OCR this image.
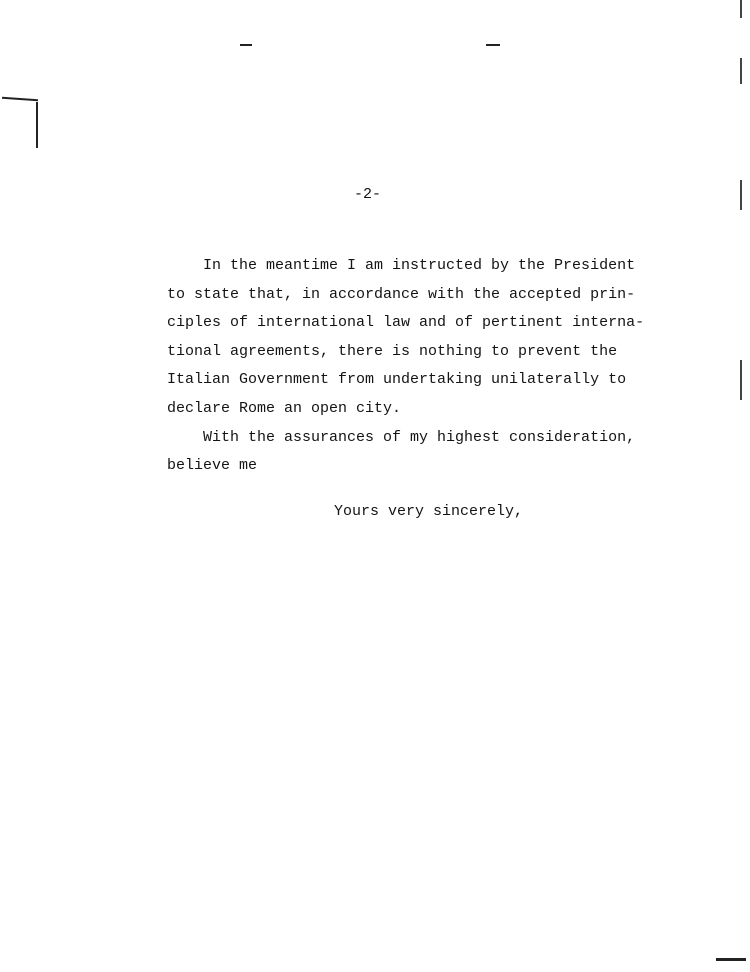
-2-
In the meantime I am instructed by the President
to state that, in accordance with the accepted prin-
ciples of international law and of pertinent interna-
tional agreements, there is nothing to prevent the
Italian Government from undertaking unilaterally to
declare Rome an open city.
With the assurances of my highest consideration,
believe me
Yours very sincerely,
